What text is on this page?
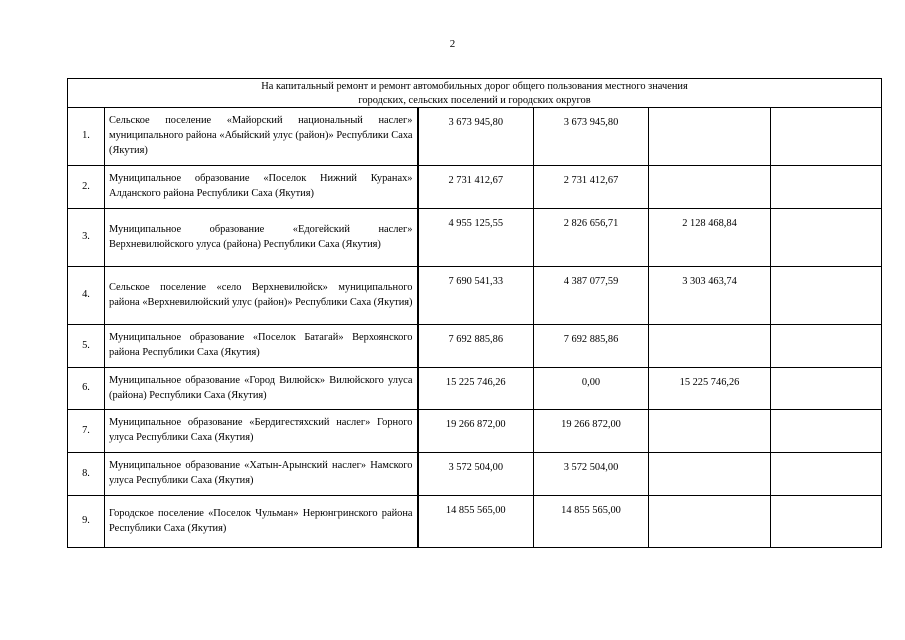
2
На капитальный ремонт и ремонт автомобильных дорог общего пользования местного значения
городских, сельских поселений и городских округов					
1.	Сельское поселение «Майорский национальный наслег» муниципального района «Абыйский улус (район)» Республики Саха (Якутия)	3 673 945,80	3 673 945,80		
2.	Муниципальное образование «Поселок Нижний Куранах» Алданского района Республики Саха (Якутия)	2 731 412,67	2 731 412,67		
3.	Муниципальное образование «Едогейский наслег» Верхневилюйского улуса (района) Республики Саха (Якутия)	4 955 125,55	2 826 656,71	2 128 468,84	
4.	Сельское поселение «село Верхневилюйск» муниципального района «Верхневилюйский улус (район)» Республики Саха (Якутия)	7 690 541,33	4 387 077,59	3 303 463,74	
5.	Муниципальное образование «Поселок Батагай» Верхоянского района Республики Саха (Якутия)	7 692 885,86	7 692 885,86		
6.	Муниципальное образование «Город Вилюйск» Вилюйского улуса (района) Республики Саха (Якутия)	15 225 746,26	0,00	15 225 746,26	
7.	Муниципальное образование «Бердигестяхский наслег» Горного улуса Республики Саха (Якутия)	19 266 872,00	19 266 872,00		
8.	Муниципальное образование «Хатын-Арынский наслег» Намского улуса Республики Саха (Якутия)	3 572 504,00	3 572 504,00		
9.	Городское поселение «Поселок Чульман» Нерюнгринского района Республики Саха (Якутия)	14 855 565,00	14 855 565,00		
